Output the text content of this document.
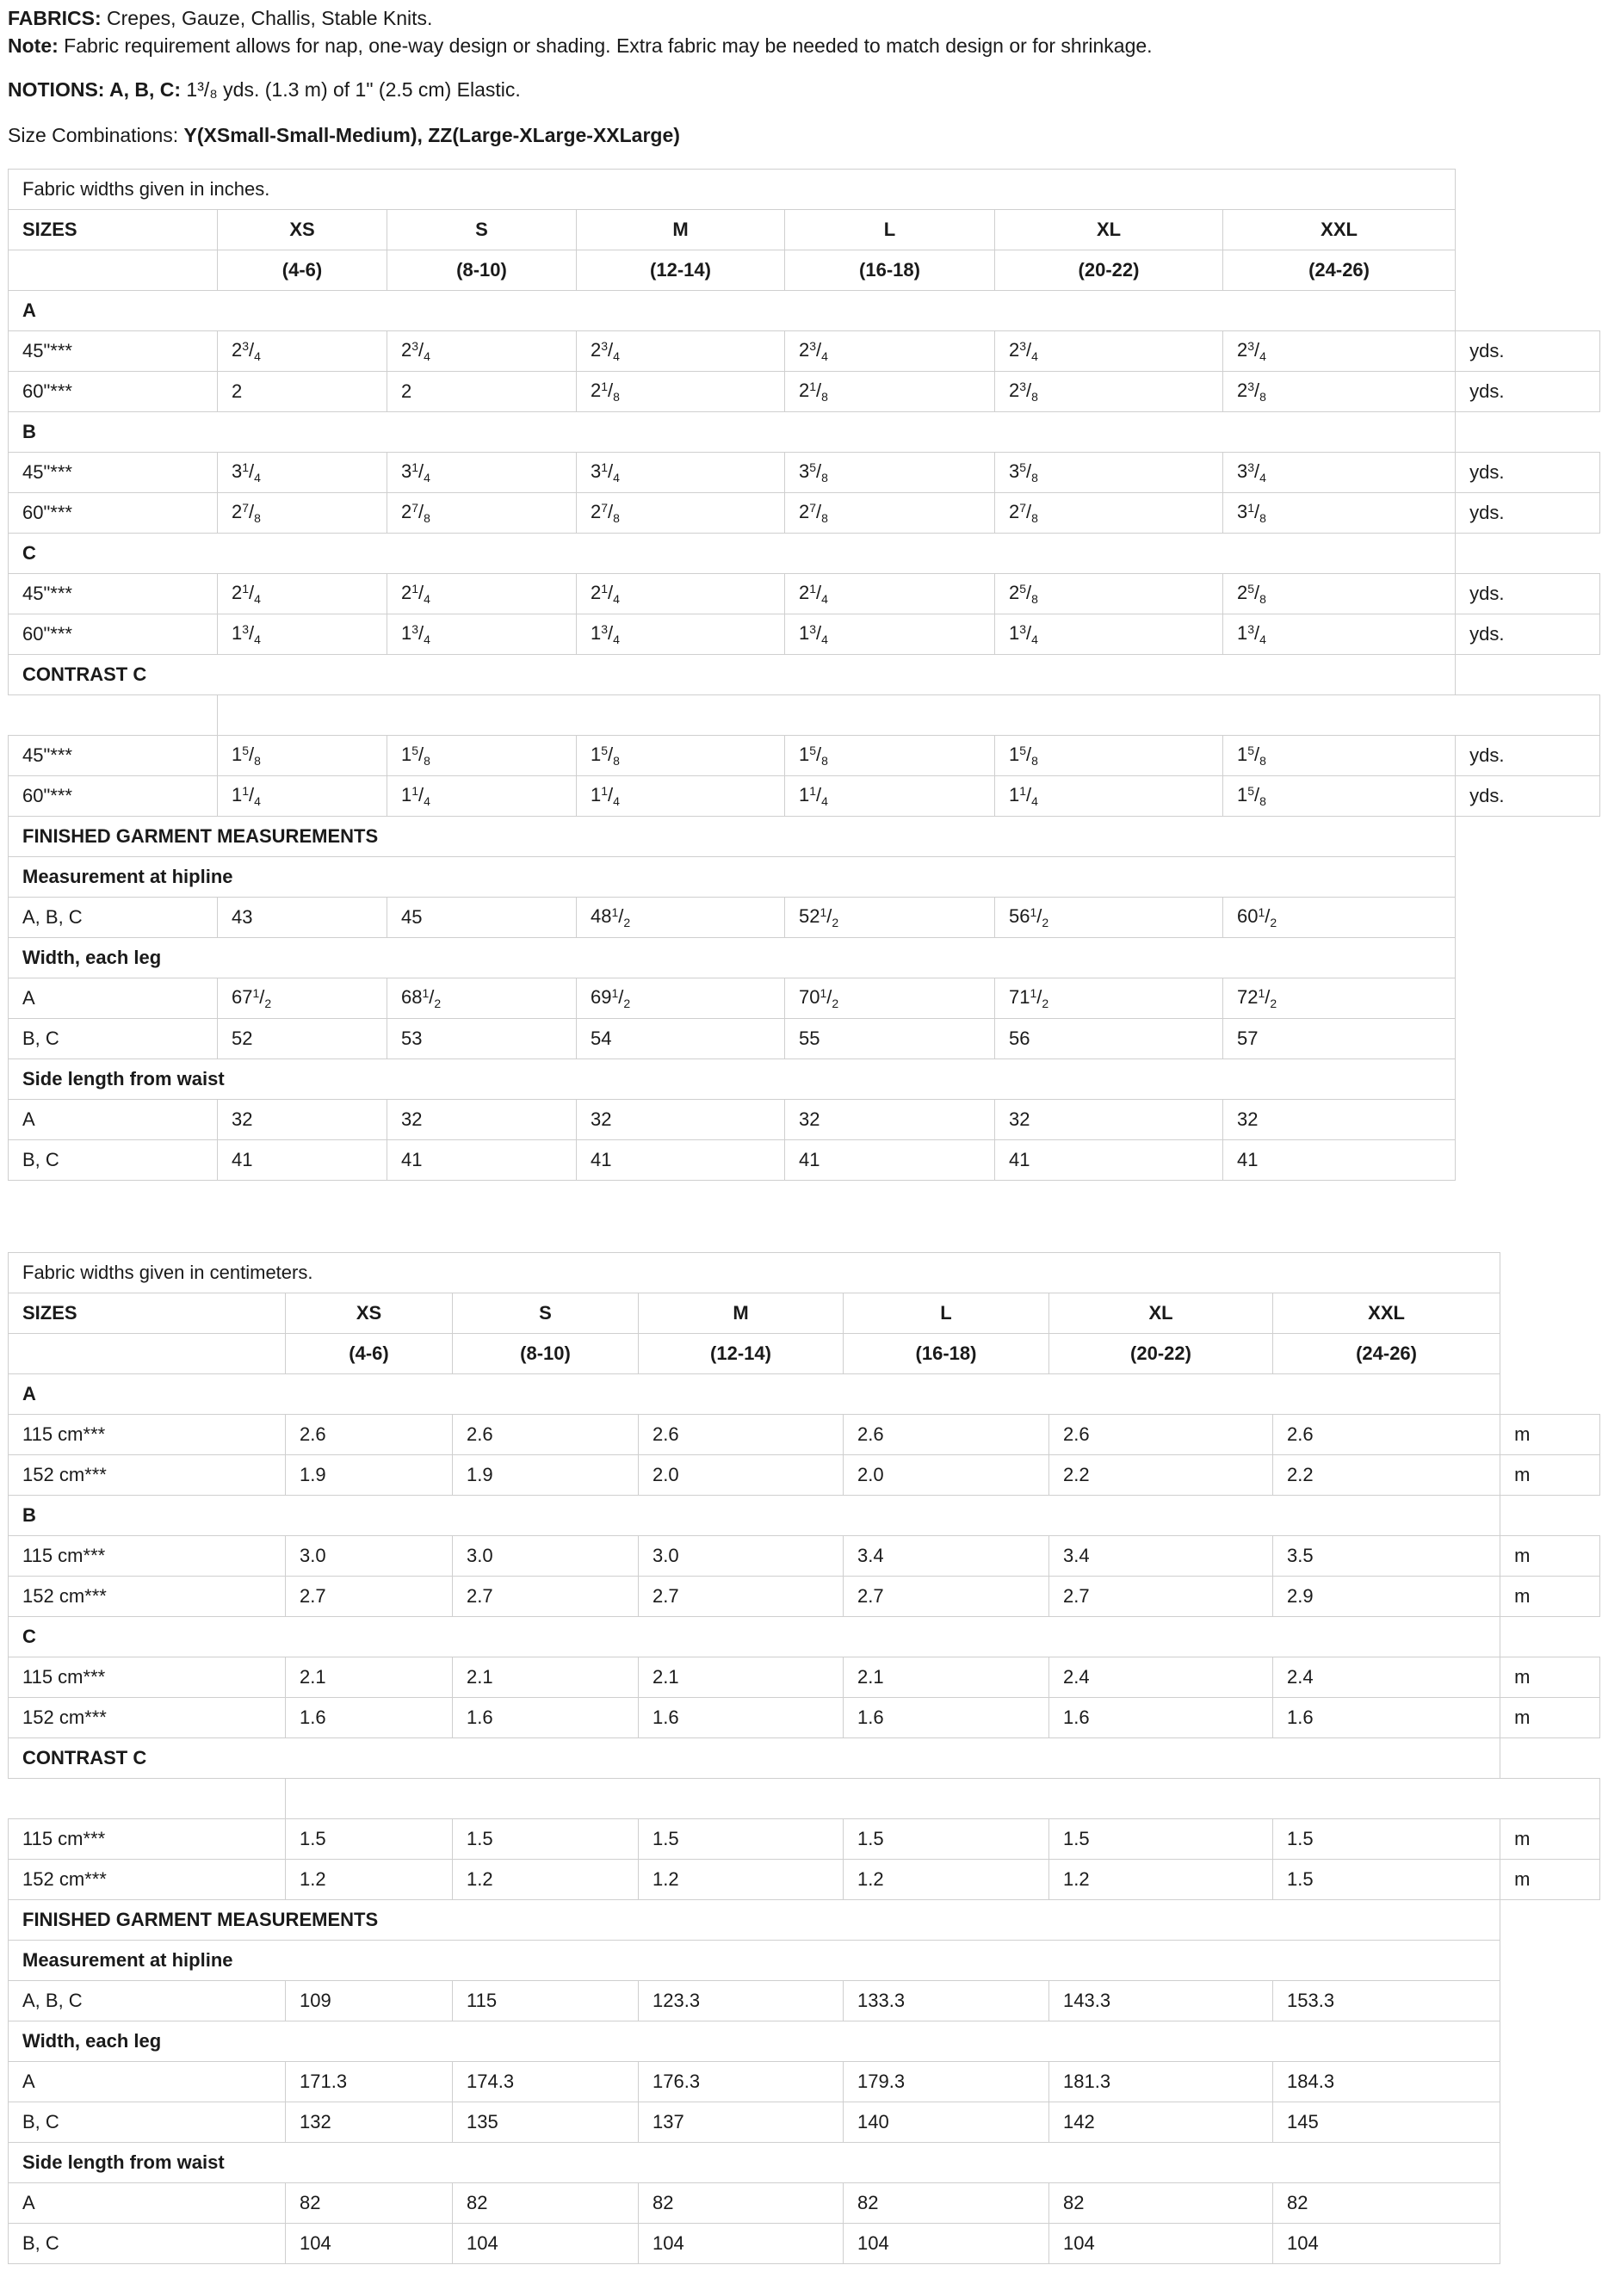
FABRICS: Crepes, Gauze, Challis, Stable Knits.
Note: Fabric requirement allows for nap, one-way design or shading. Extra fabric may be needed to match design or for shrinkage.
NOTIONS: A, B, C: 1³/₈ yds. (1.3 m) of 1" (2.5 cm) Elastic.
Size Combinations: Y(XSmall-Small-Medium), ZZ(Large-XLarge-XXLarge)
Fabric widths given in inches.							
SIZES	XS	S	M	L	XL	XXL	
	(4-6)	(8-10)	(12-14)	(16-18)	(20-22)	(24-26)	
A							
45"***	$2^3/_4$	$2^3/_4$	$2^3/_4$	$2^3/_4$	$2^3/_4$	$2^3/_4$	yds.
60"***	2	2	$2^1/_8$	$2^1/_8$	$2^3/_8$	$2^3/_8$	yds.
B							
45"***	$3^1/_4$	$3^1/_4$	$3^1/_4$	$3^5/_8$	$3^5/_8$	$3^3/_4$	yds.
60"***	$2^7/_8$	$2^7/_8$	$2^7/_8$	$2^7/_8$	$2^7/_8$	$3^1/_8$	yds.
C							
45"***	$2^1/_4$	$2^1/_4$	$2^1/_4$	$2^1/_4$	$2^5/_8$	$2^5/_8$	yds.
60"***	$1^3/_4$	$1^3/_4$	$1^3/_4$	$1^3/_4$	$1^3/_4$	$1^3/_4$	yds.
CONTRAST C							

45"***	$1^5/_8$	$1^5/_8$	$1^5/_8$	$1^5/_8$	$1^5/_8$	$1^5/_8$	yds.
60"***	$1^1/_4$	$1^1/_4$	$1^1/_4$	$1^1/_4$	$1^1/_4$	$1^5/_8$	yds.
FINISHED GARMENT MEASUREMENTS							
Measurement at hipline							
A, B, C	43	45	$48^1/_2$	$52^1/_2$	$56^1/_2$	$60^1/_2$	
Width, each leg							
A	$67^1/_2$	$68^1/_2$	$69^1/_2$	$70^1/_2$	$71^1/_2$	$72^1/_2$	
B, C	52	53	54	55	56	57	
Side length from waist							
A	32	32	32	32	32	32	
B, C	41	41	41	41	41	41	
Fabric widths given in centimeters.							
SIZES	XS	S	M	L	XL	XXL	
	(4-6)	(8-10)	(12-14)	(16-18)	(20-22)	(24-26)	
A							
115 cm***	2.6	2.6	2.6	2.6	2.6	2.6	m
152 cm***	1.9	1.9	2.0	2.0	2.2	2.2	m
B							
115 cm***	3.0	3.0	3.0	3.4	3.4	3.5	m
152 cm***	2.7	2.7	2.7	2.7	2.7	2.9	m
C							
115 cm***	2.1	2.1	2.1	2.1	2.4	2.4	m
152 cm***	1.6	1.6	1.6	1.6	1.6	1.6	m
CONTRAST C							

115 cm***	1.5	1.5	1.5	1.5	1.5	1.5	m
152 cm***	1.2	1.2	1.2	1.2	1.2	1.5	m
FINISHED GARMENT MEASUREMENTS							
Measurement at hipline							
A, B, C	109	115	123.3	133.3	143.3	153.3	
Width, each leg							
A	171.3	174.3	176.3	179.3	181.3	184.3	
B, C	132	135	137	140	142	145	
Side length from waist							
A	82	82	82	82	82	82	
B, C	104	104	104	104	104	104	
